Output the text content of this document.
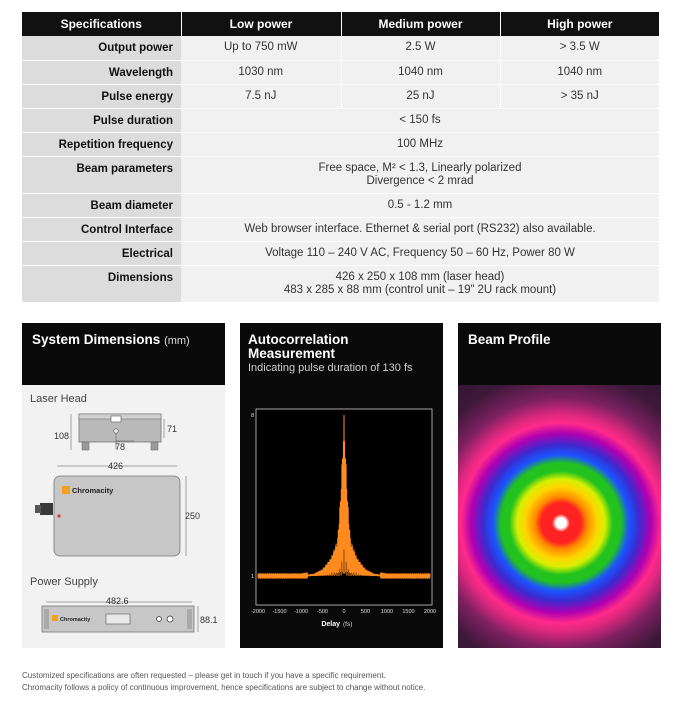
Specifications	Low power	Medium power	High power
Output power	Up to 750 mW	2.5 W	> 3.5 W
Wavelength	1030 nm	1040 nm	1040 nm
Pulse energy	7.5 nJ	25 nJ	> 35 nJ
Pulse duration	< 150 fs		
Repetition frequency	100 MHz		
Beam parameters	Free space, M² < 1.3, Linearly polarized
Divergence < 2 mrad		

Beam diameter	0.5 - 1.2 mm		
Control Interface	Web browser interface. Ethernet & serial port (RS232) also available.		
Electrical	Voltage 110 – 240 V AC, Frequency 50 – 60 Hz, Power 80 W		
Dimensions	426 x 250 x 108 mm (laser head)
483 x 285 x 88 mm (control unit – 19” 2U rack mount)		
System Dimensions (mm)
Laser Head
Power Supply
108
71
78
426
250
Chromacity
Chromacity
482.6
88.1
Autocorrelation
Measurement
Indicating pulse duration of 130 fs
-2000 -1500 -1000 -500	0	500 1000 1500 2000
1
8
Delay (fs)
Beam Profile
Customized specifications are often requested – please get in touch if you have a specific requirement.
Chromacity follows a policy of continuous improvement, hence specifications are subject to change without notice.
